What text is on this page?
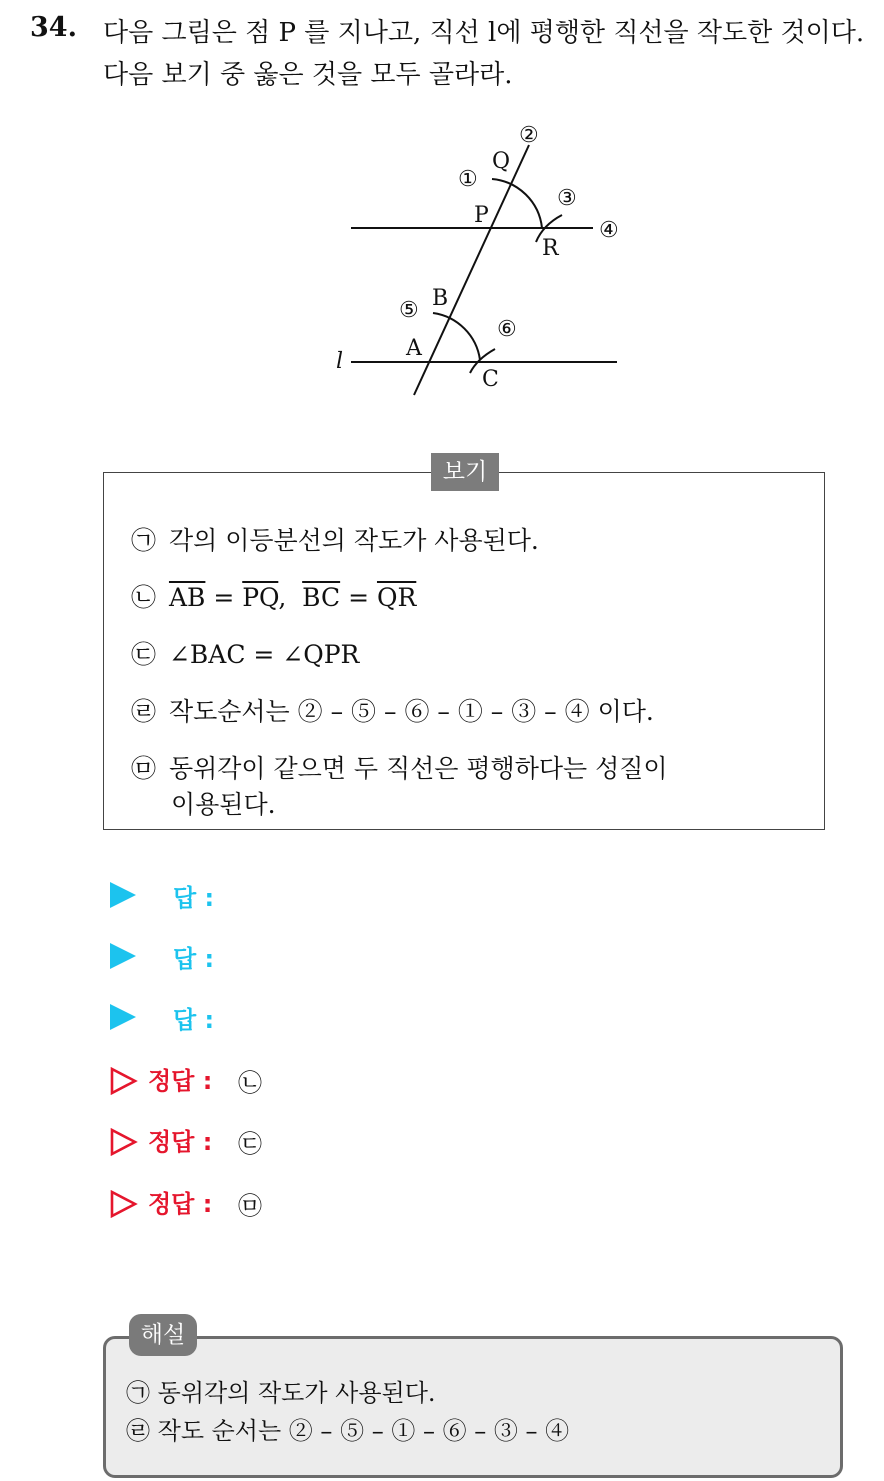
34. 다음 그림은 점 P 를 지나고, 직선 l에 평행한 직선을 작도한 것이다.
다음 보기 중 옳은 것을 모두 골라라.
②
Q
①
③
P
④
R
B
⑤
⑥
A
l
C
보기
㉠ 각의 이등분선의 작도가 사용된다.
㉡ $\overline{AB} = \overline{PQ}$,  $\overline{BC} = \overline{QR}$
㉢ ∠BAC = ∠QPR
㉣ 작도순서는 ② – ⑤ – ⑥ – ① – ③ – ④ 이다.
㉤ 동위각이 같으면 두 직선은 평행하다는 성질이
이용된다.
답 :
답 :
답 :
정답 : ㉡
정답 : ㉢
정답 : ㉤
해설
㉠ 동위각의 작도가 사용된다.
㉣ 작도 순서는 ② – ⑤ – ① – ⑥ – ③ – ④
